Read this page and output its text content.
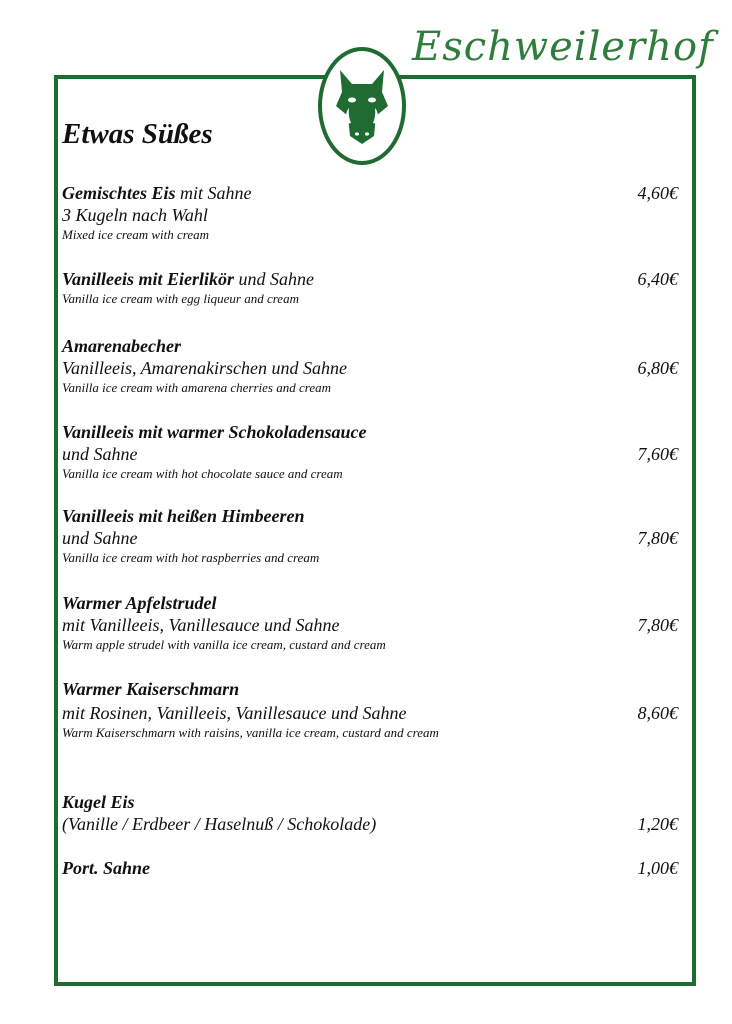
Eschweilerhof
Etwas Süßes
Gemischtes Eis mit Sahne
3 Kugeln nach Wahl
Mixed ice cream with cream
4,60€
Vanilleeis mit Eierlikör und Sahne
Vanilla ice cream with egg liqueur and cream
6,40€
Amarenabecher
Vanilleeis, Amarenakirschen und Sahne
Vanilla ice cream with amarena cherries and cream
6,80€
Vanilleeis mit warmer Schokoladensauce
und Sahne
Vanilla ice cream with hot chocolate sauce and cream
7,60€
Vanilleeis mit heißen Himbeeren
und Sahne
Vanilla ice cream with hot raspberries and cream
7,80€
Warmer Apfelstrudel
mit Vanilleeis, Vanillesauce und Sahne
Warm apple strudel with vanilla ice cream, custard and cream
7,80€
Warmer Kaiserschmarn
mit Rosinen, Vanilleeis, Vanillesauce und Sahne
Warm Kaiserschmarn with raisins, vanilla ice cream, custard and cream
8,60€
Kugel Eis
(Vanille / Erdbeer / Haselnuß / Schokolade)	1,20€
Port. Sahne	1,00€
